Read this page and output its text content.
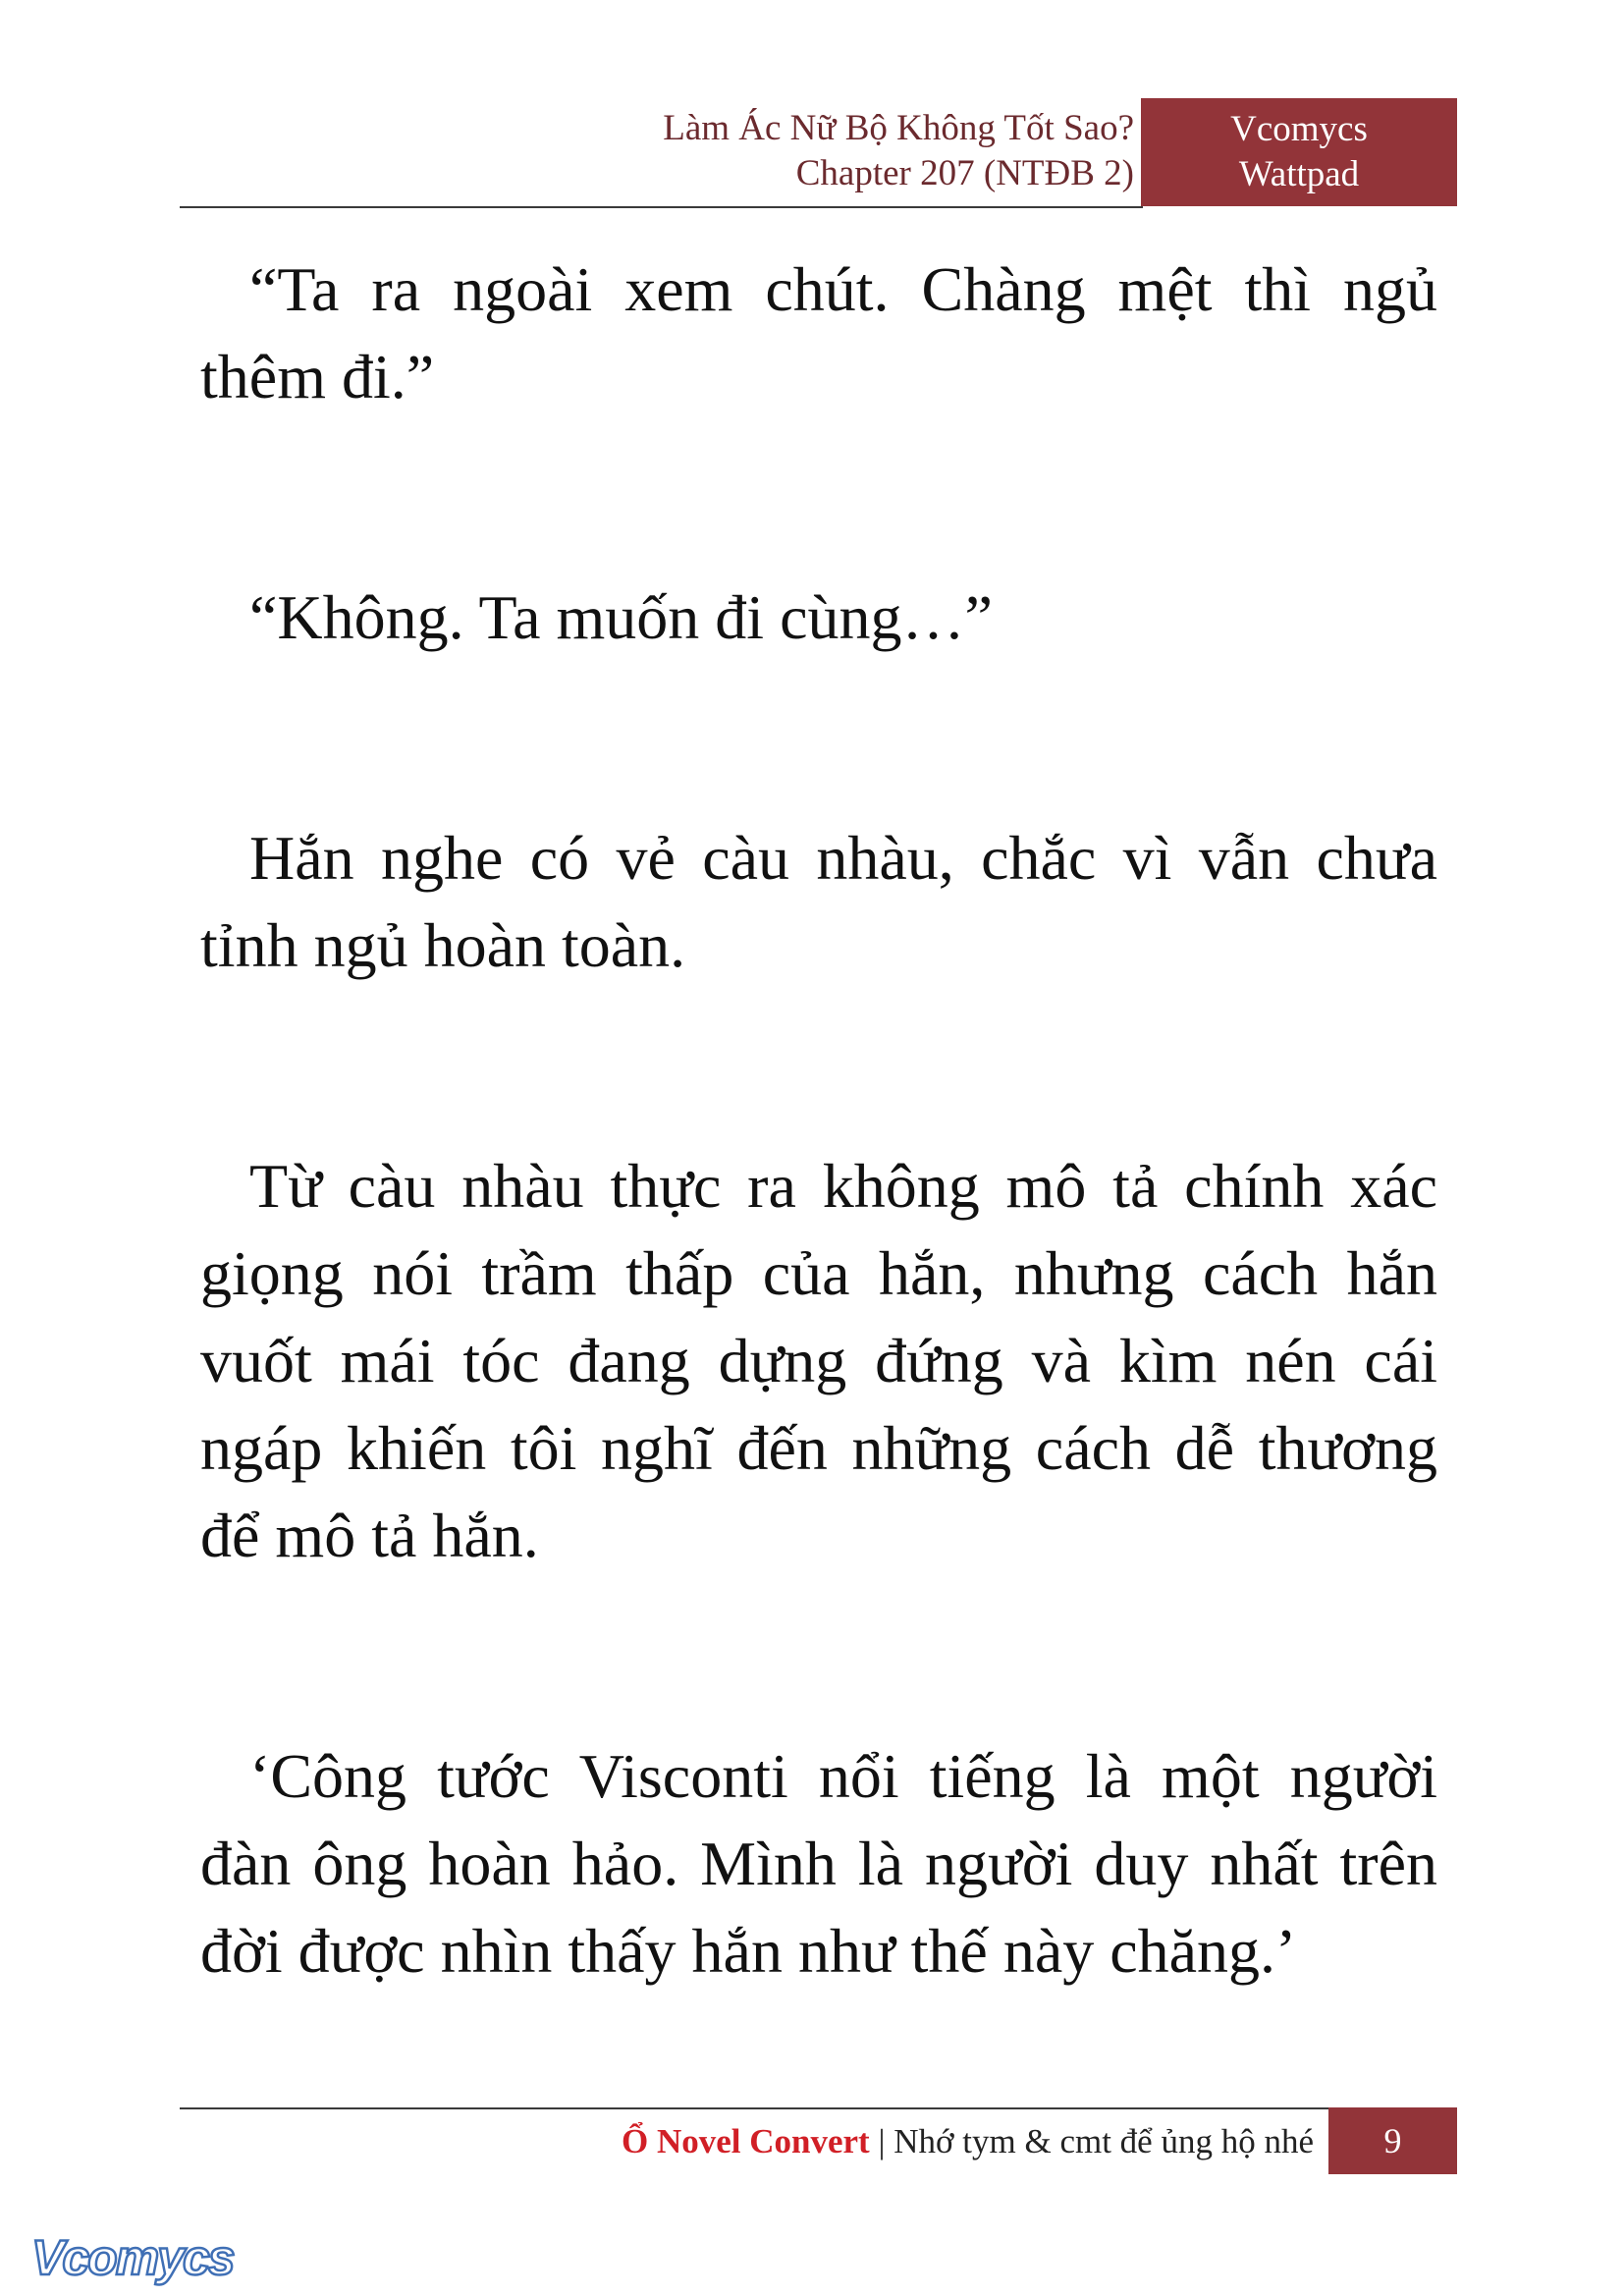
Làm Ác Nữ Bộ Không Tốt Sao?
Chapter 207 (NTĐB 2)
Vcomycs
Wattpad

“Ta ra ngoài xem chút. Chàng mệt thì ngủ thêm đi.”

“Không. Ta muốn đi cùng…”

Hắn nghe có vẻ càu nhàu, chắc vì vẫn chưa tỉnh ngủ hoàn toàn.

Từ càu nhàu thực ra không mô tả chính xác giọng nói trầm thấp của hắn, nhưng cách hắn vuốt mái tóc đang dựng đứng và kìm nén cái ngáp khiến tôi nghĩ đến những cách dễ thương để mô tả hắn.

‘Công tước Visconti nổi tiếng là một người đàn ông hoàn hảo. Mình là người duy nhất trên đời được nhìn thấy hắn như thế này chăng.’

Ổ Novel Convert | Nhớ tym & cmt để ủng hộ nhé	9
Vcomycs
